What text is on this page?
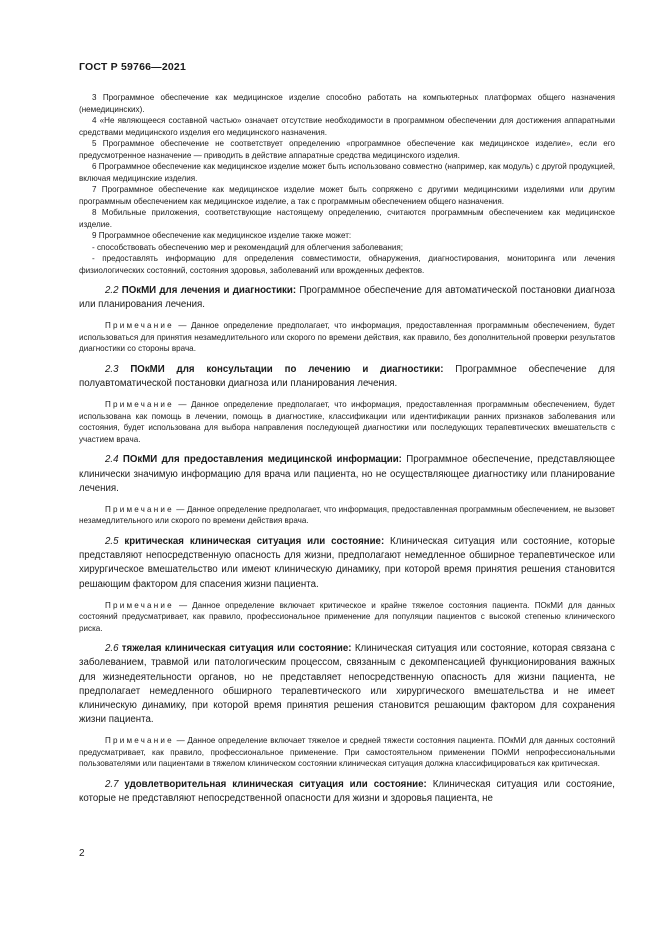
ГОСТ Р 59766—2021

3 Программное обеспечение как медицинское изделие способно работать на компьютерных платформах общего назначения (немедицинских).

4 «Не являющееся составной частью» означает отсутствие необходимости в программном обеспечении для достижения аппаратными средствами медицинского изделия его медицинского назначения.

5 Программное обеспечение не соответствует определению «программное обеспечение как медицинское изделие», если его предусмотренное назначение — приводить в действие аппаратные средства медицинского изделия.

6 Программное обеспечение как медицинское изделие может быть использовано совместно (например, как модуль) с другой продукцией, включая медицинские изделия.

7 Программное обеспечение как медицинское изделие может быть сопряжено с другими медицинскими изделиями или другим программным обеспечением как медицинское изделие, а так с программным обеспечением общего назначения.

8 Мобильные приложения, соответствующие настоящему определению, считаются программным обеспечением как медицинское изделие.

9 Программное обеспечение как медицинское изделие также может:

- способствовать обеспечению мер и рекомендаций для облегчения заболевания;

- предоставлять информацию для определения совместимости, обнаружения, диагностирования, мониторинга или лечения физиологических состояний, состояния здоровья, заболеваний или врожденных дефектов.

2.2 ПОкМИ для лечения и диагностики: Программное обеспечение для автоматической постановки диагноза или планирования лечения.

Примечание — Данное определение предполагает, что информация, предоставленная программным обеспечением, будет использоваться для принятия незамедлительного или скорого по времени действия, как правило, без дополнительной проверки результатов диагностики со стороны врача.

2.3 ПОкМИ для консультации по лечению и диагностики: Программное обеспечение для полуавтоматической постановки диагноза или планирования лечения.

Примечание — Данное определение предполагает, что информация, предоставленная программным обеспечением, будет использована как помощь в лечении, помощь в диагностике, классификации или идентификации ранних признаков заболевания или состояния, будет использована для выбора направления последующей диагностики или последующих терапевтических вмешательств с участием врача.

2.4 ПОкМИ для предоставления медицинской информации: Программное обеспечение, представляющее клинически значимую информацию для врача или пациента, но не осуществляющее диагностику или планирование лечения.

Примечание — Данное определение предполагает, что информация, предоставленная программным обеспечением, не вызовет незамедлительного или скорого по времени действия врача.

2.5 критическая клиническая ситуация или состояние: Клиническая ситуация или состояние, которые представляют непосредственную опасность для жизни, предполагают немедленное обширное терапевтическое или хирургическое вмешательство или имеют клиническую динамику, при которой время принятия решения становится решающим фактором для спасения жизни пациента.

Примечание — Данное определение включает критическое и крайне тяжелое состояния пациента. ПОкМИ для данных состояний предусматривает, как правило, профессиональное применение для популяции пациентов с высокой степенью клинического риска.

2.6 тяжелая клиническая ситуация или состояние: Клиническая ситуация или состояние, которая связана с заболеванием, травмой или патологическим процессом, связанным с декомпенсацией функционирования важных для жизнедеятельности органов, но не представляет непосредственную опасность для жизни пациента, не предполагает немедленного обширного терапевтического или хирургического вмешательства и не имеет клиническую динамику, при которой время принятия решения становится решающим фактором для сохранения жизни пациента.

Примечание — Данное определение включает тяжелое и средней тяжести состояния пациента. ПОкМИ для данных состояний предусматривает, как правило, профессиональное применение. При самостоятельном применении ПОкМИ непрофессиональными пользователями или пациентами в тяжелом клиническом состоянии клиническая ситуация должна классифицироваться как критическая.

2.7 удовлетворительная клиническая ситуация или состояние: Клиническая ситуация или состояние, которые не представляют непосредственной опасности для жизни и здоровья пациента, не

2
